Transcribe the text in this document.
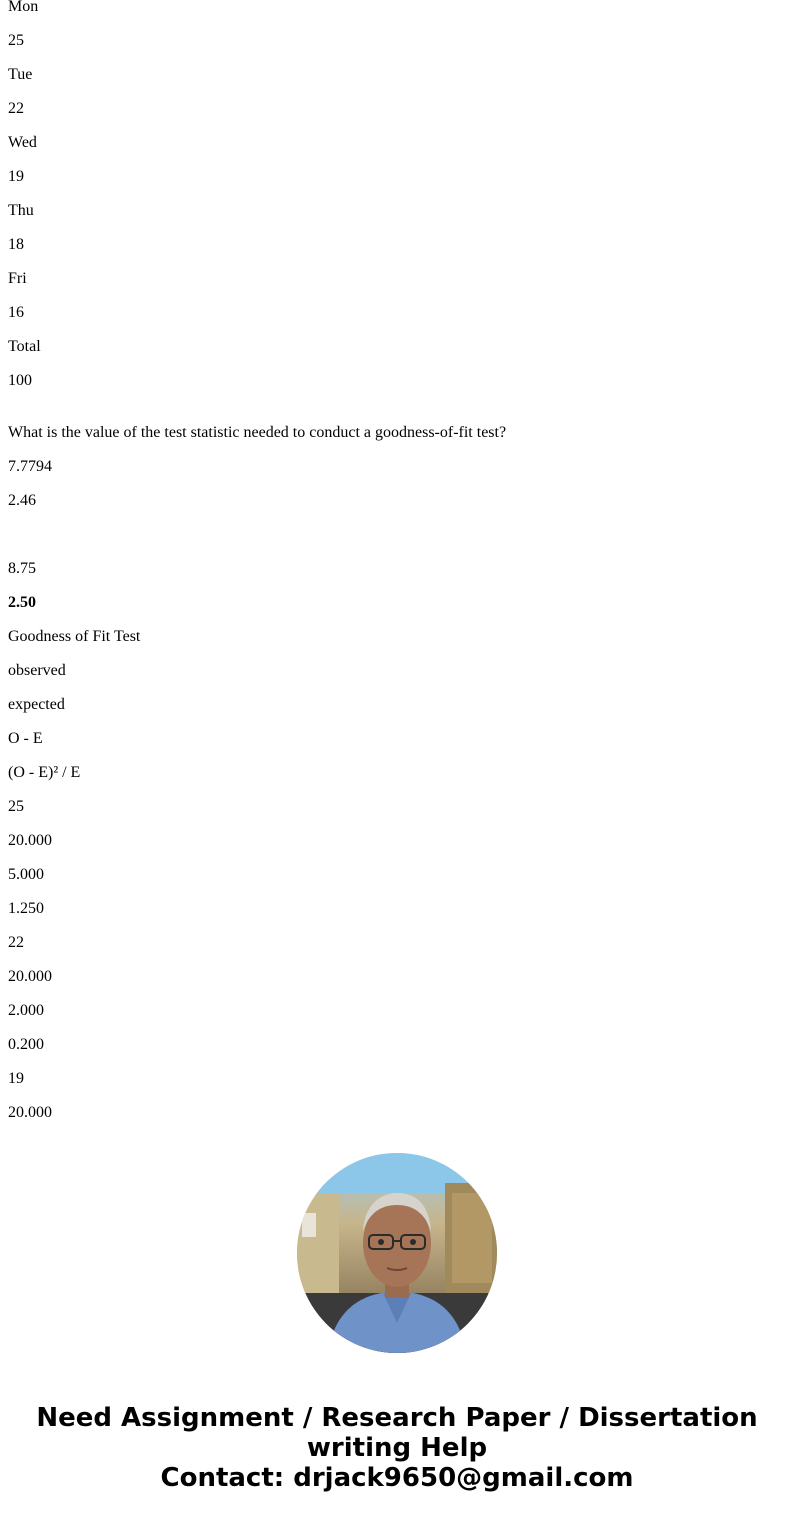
Mon
25
Tue
22
Wed
19
Thu
18
Fri
16
Total
100
What is the value of the test statistic needed to conduct a goodness-of-fit test?
7.7794
2.46
8.75
2.50
Goodness of Fit Test
observed
expected
O - E
(O - E)² / E
25
20.000
5.000
1.250
22
20.000
2.000
0.200
19
20.000
Need Assignment / Research Paper / Dissertation
writing Help
Contact: drjack9650@gmail.com
